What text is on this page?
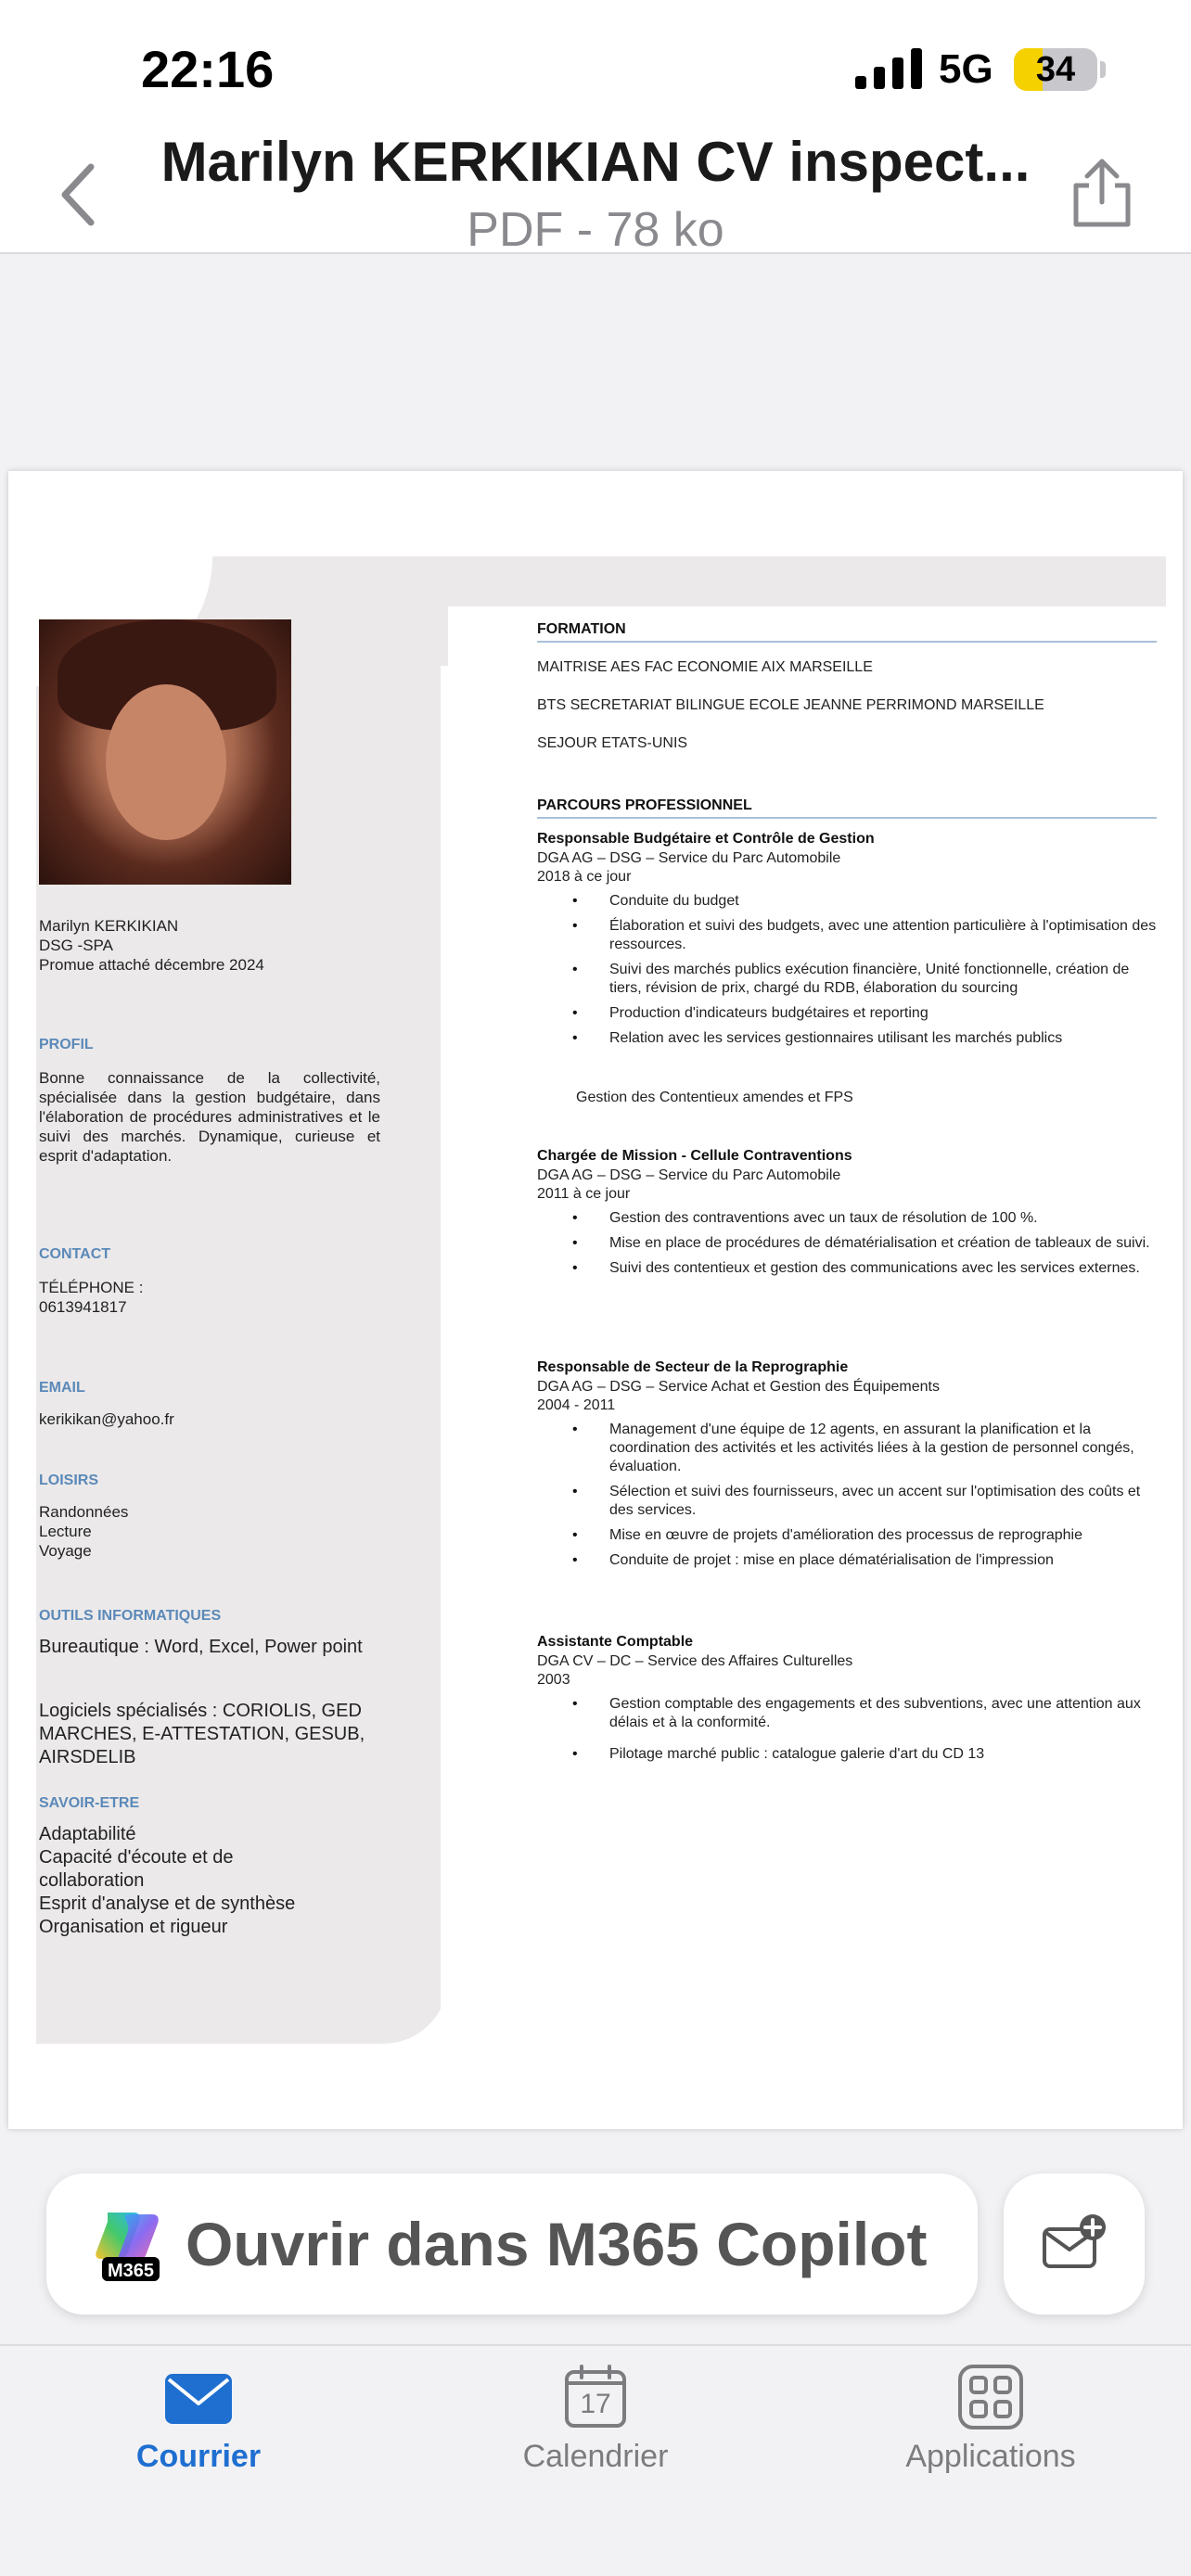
22:16	5G	34
Marilyn KERKIKIAN CV inspect...
PDF - 78 ko
Marilyn KERKIKIAN
DSG -SPA
Promue attaché décembre 2024
PROFIL
Bonne connaissance de la collectivité, spécialisée dans la gestion budgétaire, dans l'élaboration de procédures administratives et le suivi des marchés. Dynamique, curieuse et esprit d'adaptation.
CONTACT
TÉLÉPHONE :
0613941817
EMAIL
kerikikan@yahoo.fr
LOISIRS
Randonnées
Lecture
Voyage
OUTILS INFORMATIQUES
Bureautique : Word, Excel, Power point
Logiciels spécialisés : CORIOLIS, GED MARCHES, E-ATTESTATION, GESUB, AIRSDELIB
SAVOIR-ETRE
Adaptabilité
Capacité d'écoute et de collaboration
Esprit d'analyse et de synthèse
Organisation et rigueur
FORMATION
MAITRISE AES FAC ECONOMIE AIX MARSEILLE
BTS SECRETARIAT BILINGUE ECOLE JEANNE PERRIMOND MARSEILLE
SEJOUR ETATS-UNIS
PARCOURS PROFESSIONNEL
Responsable Budgétaire et Contrôle de Gestion
DGA AG – DSG – Service du Parc Automobile
2018 à ce jour
• Conduite du budget
• Élaboration et suivi des budgets, avec une attention particulière à l'optimisation des ressources.
• Suivi des marchés publics exécution financière, Unité fonctionnelle, création de tiers, révision de prix, chargé du RDB, élaboration du sourcing
• Production d'indicateurs budgétaires et reporting
• Relation avec les services gestionnaires utilisant les marchés publics
Gestion des Contentieux amendes et FPS
Chargée de Mission - Cellule Contraventions
DGA AG – DSG – Service du Parc Automobile
2011 à ce jour
• Gestion des contraventions avec un taux de résolution de 100 %.
• Mise en place de procédures de dématérialisation et création de tableaux de suivi.
• Suivi des contentieux et gestion des communications avec les services externes.
Responsable de Secteur de la Reprographie
DGA AG – DSG – Service Achat et Gestion des Équipements
2004 - 2011
• Management d'une équipe de 12 agents, en assurant la planification et la coordination des activités et les activités liées à la gestion de personnel congés, évaluation.
• Sélection et suivi des fournisseurs, avec un accent sur l'optimisation des coûts et des services.
• Mise en œuvre de projets d'amélioration des processus de reprographie
• Conduite de projet : mise en place dématérialisation de l'impression
Assistante Comptable
DGA CV – DC – Service des Affaires Culturelles
2003
• Gestion comptable des engagements et des subventions, avec une attention aux délais et à la conformité.
• Pilotage marché public : catalogue galerie d'art du CD 13
M365 Ouvrir dans M365 Copilot
Courrier
17
Calendrier	Applications
